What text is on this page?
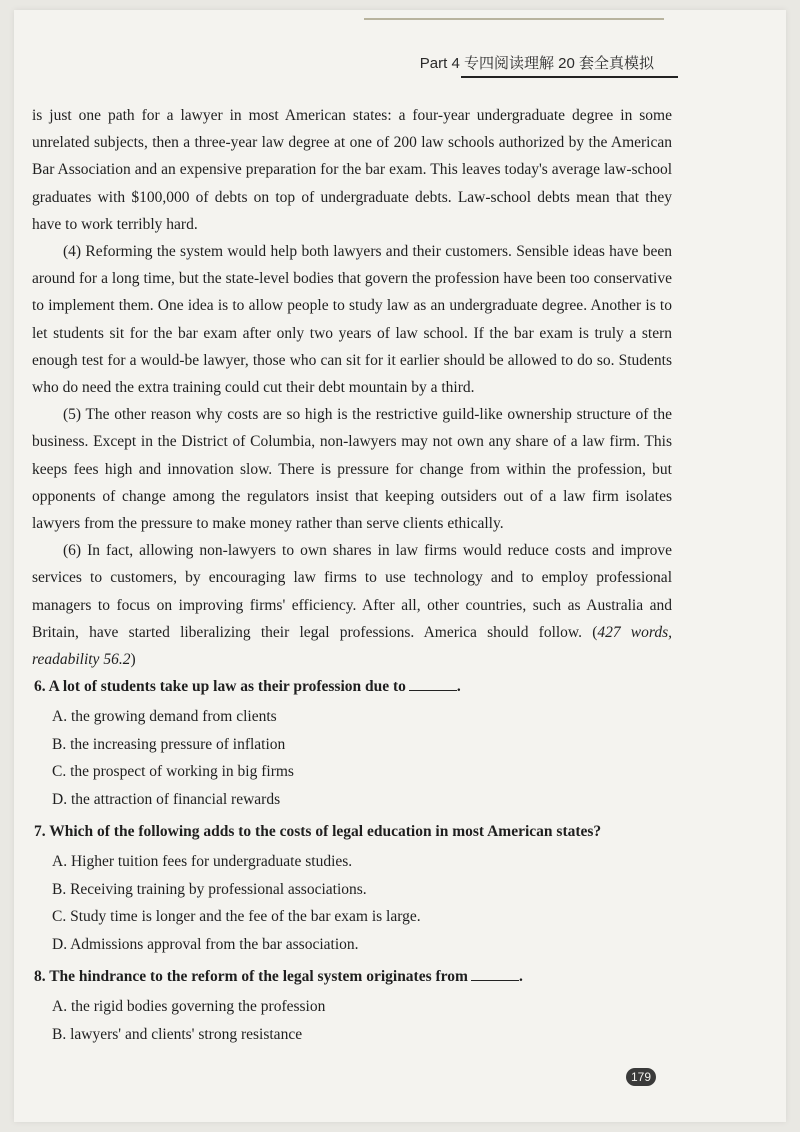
Part 4 专四阅读理解 20 套全真模拟

is just one path for a lawyer in most American states: a four-year undergraduate degree in some unrelated subjects, then a three-year law degree at one of 200 law schools authorized by the American Bar Association and an expensive preparation for the bar exam. This leaves today's average law-school graduates with $100,000 of debts on top of undergraduate debts. Law-school debts mean that they have to work terribly hard.

(4) Reforming the system would help both lawyers and their customers. Sensible ideas have been around for a long time, but the state-level bodies that govern the profession have been too conservative to implement them. One idea is to allow people to study law as an undergraduate degree. Another is to let students sit for the bar exam after only two years of law school. If the bar exam is truly a stern enough test for a would-be lawyer, those who can sit for it earlier should be allowed to do so. Students who do need the extra training could cut their debt mountain by a third.

(5) The other reason why costs are so high is the restrictive guild-like ownership structure of the business. Except in the District of Columbia, non-lawyers may not own any share of a law firm. This keeps fees high and innovation slow. There is pressure for change from within the profession, but opponents of change among the regulators insist that keeping outsiders out of a law firm isolates lawyers from the pressure to make money rather than serve clients ethically.

(6) In fact, allowing non-lawyers to own shares in law firms would reduce costs and improve services to customers, by encouraging law firms to use technology and to employ professional managers to focus on improving firms' efficiency. After all, other countries, such as Australia and Britain, have started liberalizing their legal professions. America should follow. (427 words, readability 56.2)

6. A lot of students take up law as their profession due to	.
A. the growing demand from clients
B. the increasing pressure of inflation
C. the prospect of working in big firms
D. the attraction of financial rewards
7. Which of the following adds to the costs of legal education in most American states?
A. Higher tuition fees for undergraduate studies.
B. Receiving training by professional associations.
C. Study time is longer and the fee of the bar exam is large.
D. Admissions approval from the bar association.
8. The hindrance to the reform of the legal system originates from	.
A. the rigid bodies governing the profession
B. lawyers' and clients' strong resistance
179
